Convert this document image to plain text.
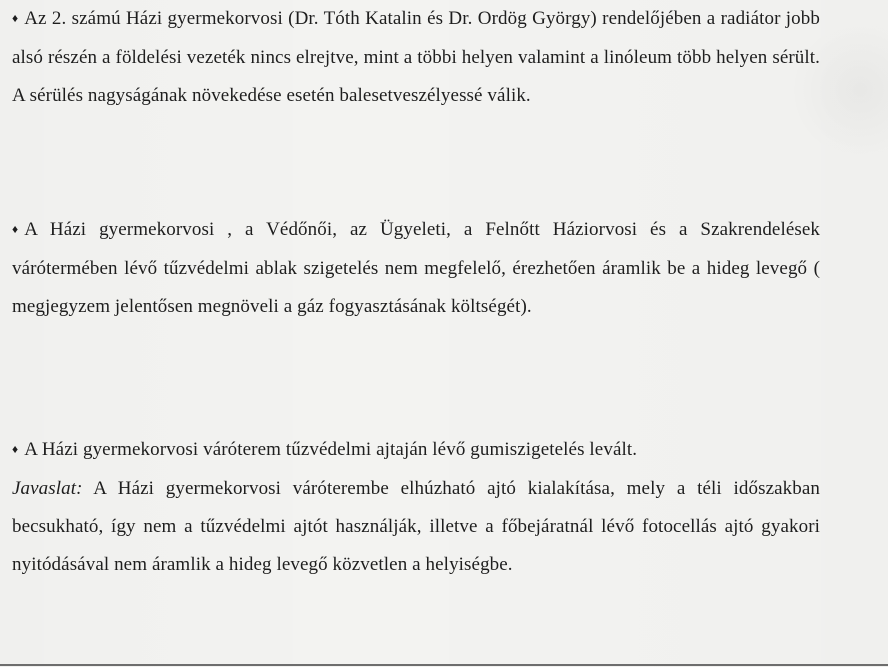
♦ Az 2. számú Házi gyermekorvosi (Dr. Tóth Katalin és Dr. Ordög György) rendelőjében a radiátor jobb alsó részén a földelési vezeték nincs elrejtve, mint a többi helyen valamint a linóleum több helyen sérült. A sérülés nagyságának növekedése esetén balesetveszélyessé válik.

♦ A Házi gyermekorvosi , a Védőnői, az Ügyeleti, a Felnőtt Háziorvosi és a Szakrendelések várótermében lévő tűzvédelmi ablak szigetelés nem megfelelő, érezhetően áramlik be a hideg levegő ( megjegyzem jelentősen megnöveli a gáz fogyasztásának költségét).

♦ A Házi gyermekorvosi váróterem tűzvédelmi ajtaján lévő gumiszigetelés levált.
Javaslat: A Házi gyermekorvosi váróterembe elhúzható ajtó kialakítása, mely a téli időszakban becsukható, így nem a tűzvédelmi ajtót használják, illetve a főbejáratnál lévő fotocellás ajtó gyakori nyitódásával nem áramlik a hideg levegő közvetlen a helyiségbe.
